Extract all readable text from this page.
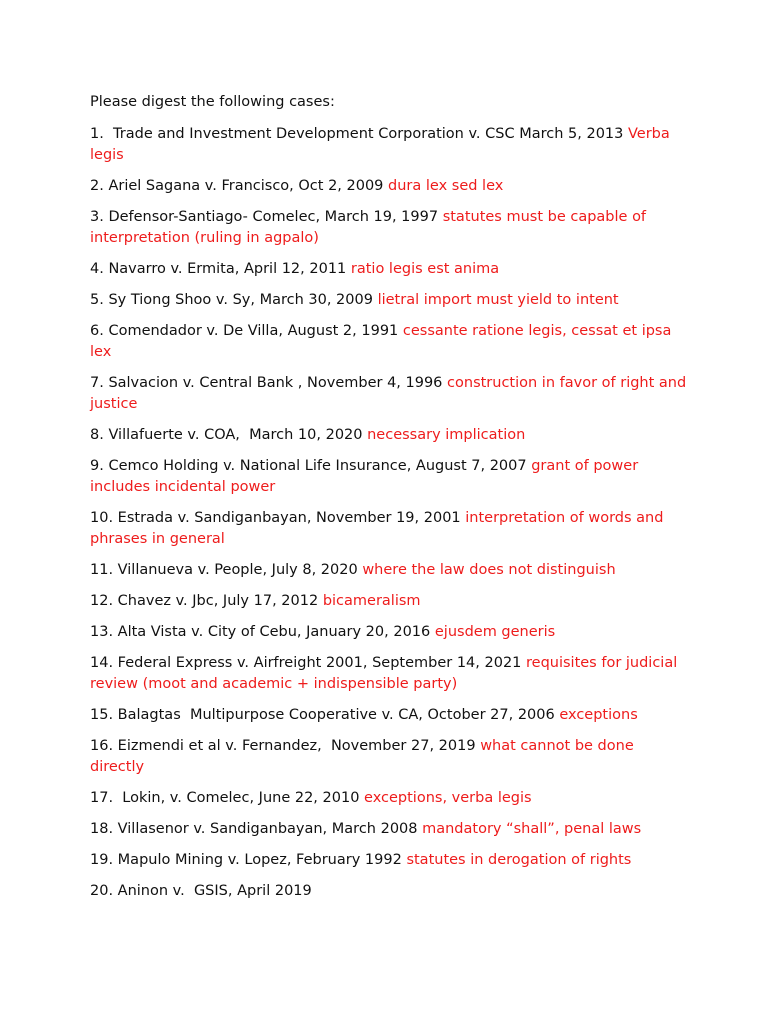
Please digest the following cases:

1.  Trade and Investment Development Corporation v. CSC March 5, 2013 Verba legis
2. Ariel Sagana v. Francisco, Oct 2, 2009 dura lex sed lex
3. Defensor-Santiago- Comelec, March 19, 1997 statutes must be capable of interpretation (ruling in agpalo)
4. Navarro v. Ermita, April 12, 2011 ratio legis est anima
5. Sy Tiong Shoo v. Sy, March 30, 2009 lietral import must yield to intent
6. Comendador v. De Villa, August 2, 1991 cessante ratione legis, cessat et ipsa lex
7. Salvacion v. Central Bank , November 4, 1996 construction in favor of right and justice
8. Villafuerte v. COA,  March 10, 2020 necessary implication
9. Cemco Holding v. National Life Insurance, August 7, 2007 grant of power includes incidental power
10. Estrada v. Sandiganbayan, November 19, 2001 interpretation of words and phrases in general
11. Villanueva v. People, July 8, 2020 where the law does not distinguish
12. Chavez v. Jbc, July 17, 2012 bicameralism
13. Alta Vista v. City of Cebu, January 20, 2016 ejusdem generis
14. Federal Express v. Airfreight 2001, September 14, 2021 requisites for judicial review (moot and academic + indispensible party)
15. Balagtas  Multipurpose Cooperative v. CA, October 27, 2006 exceptions
16. Eizmendi et al v. Fernandez,  November 27, 2019 what cannot be done directly
17.  Lokin, v. Comelec, June 22, 2010 exceptions, verba legis
18. Villasenor v. Sandiganbayan, March 2008 mandatory “shall”, penal laws
19. Mapulo Mining v. Lopez, February 1992 statutes in derogation of rights
20. Aninon v.  GSIS, April 2019
